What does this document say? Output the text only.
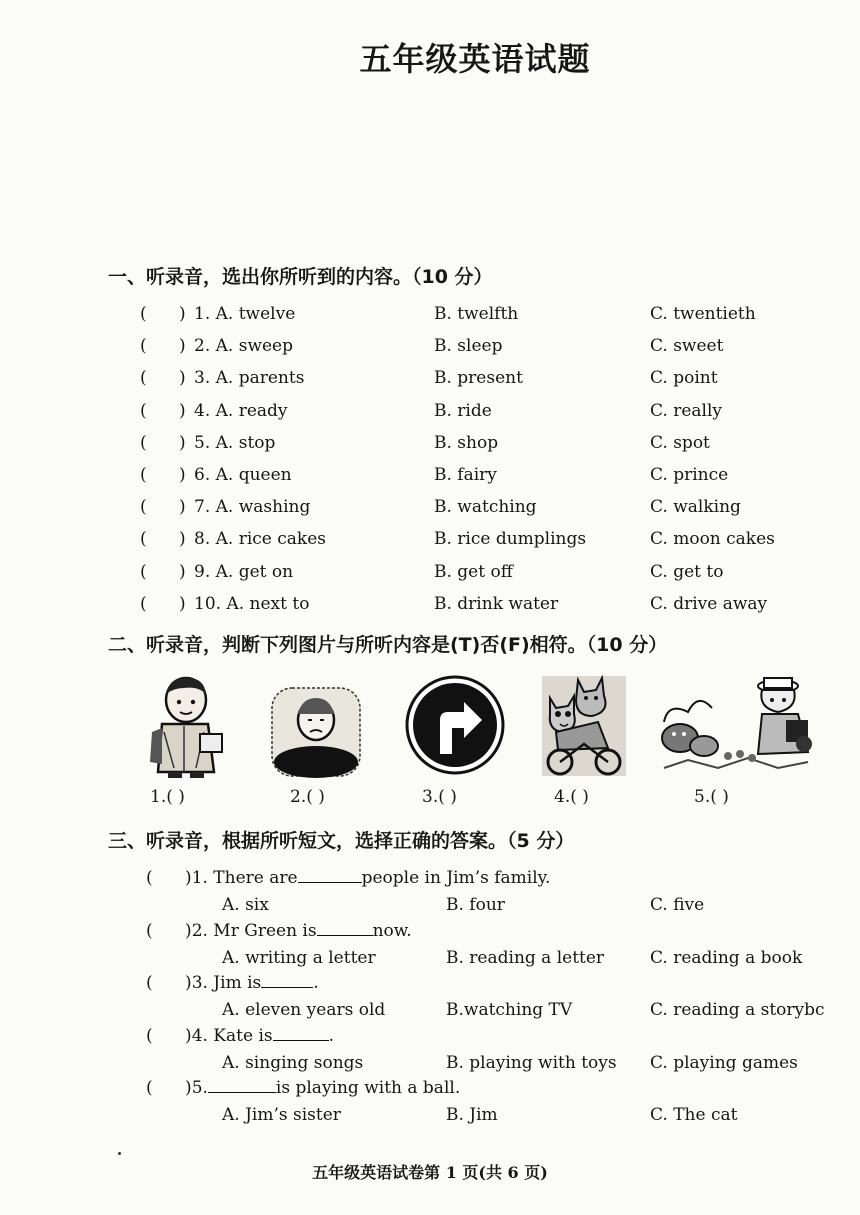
五年级英语试题
一、听录音，选出你所听到的内容。（10 分）
(      ) 1. A. twelve	B. twelfth	C. twentieth
(      ) 2. A. sweep	B. sleep	C. sweet
(      ) 3. A. parents	B. present	C. point
(      ) 4. A. ready	B. ride	C. really
(      ) 5. A. stop	B. shop	C. spot
(      ) 6. A. queen	B. fairy	C. prince
(      ) 7. A. washing	B. watching	C. walking
(      ) 8. A. rice cakes	B. rice dumplings	C. moon cakes
(      ) 9. A. get on	B. get off	C. get to
(      ) 10. A. next to	B. drink water	C. drive away
二、听录音，判断下列图片与所听内容是(T)否(F)相符。（10 分）
1.( )	2.( )	3.( )	4.( )	5.( )
三、听录音，根据所听短文，选择正确的答案。（5 分）
(      )1. There are	people in Jim’s family.
A. six	B. four	C. five
(      )2. Mr Green is	now.
A. writing a letter	B. reading a letter	C. reading a book
(      )3. Jim is	.
A. eleven years old	B.watching TV	C. reading a storybc
(      )4. Kate is	.
A. singing songs	B. playing with toys C. playing games
(      )5.	is playing with a ball.
A. Jim’s sister	B. Jim	C. The cat
五年级英语试卷第 1 页(共 6 页)
